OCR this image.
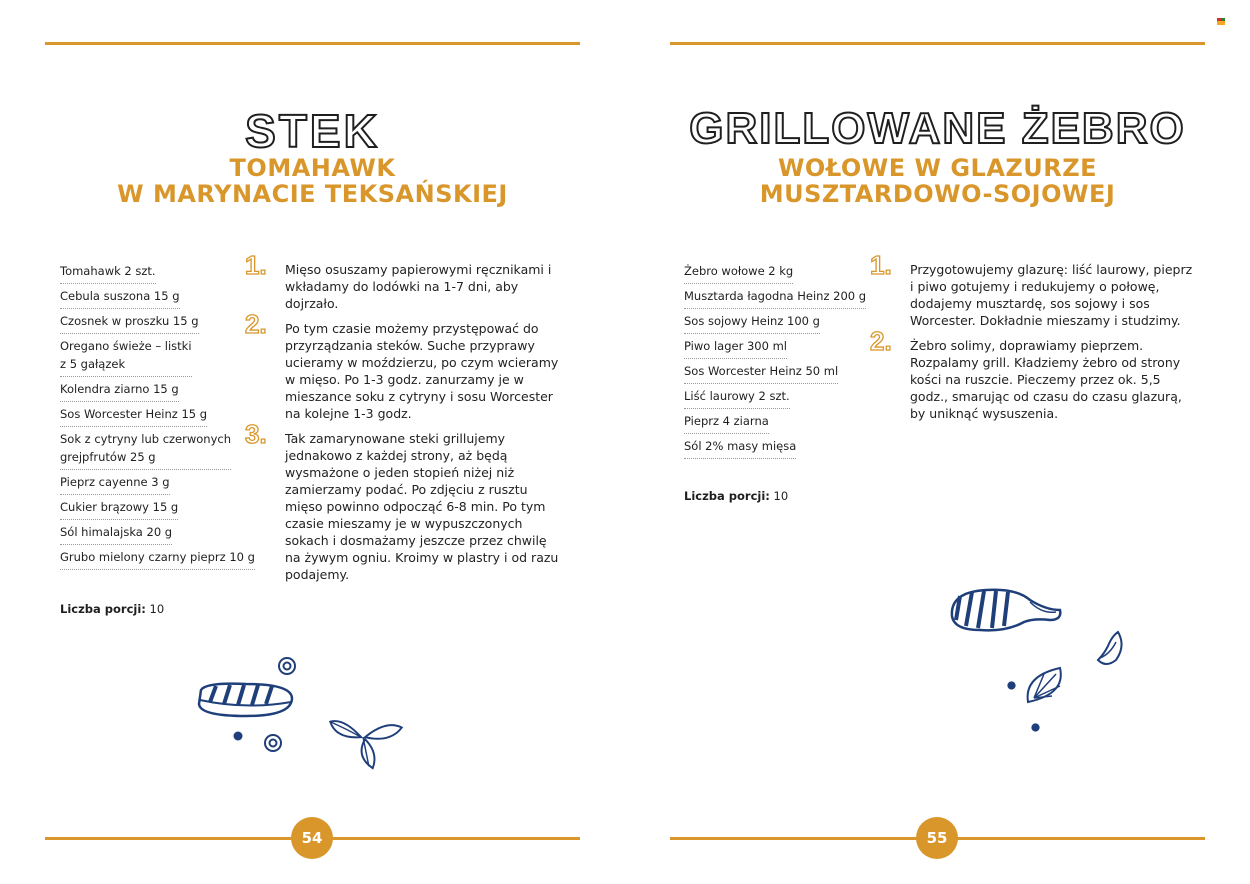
STEK
TOMAHAWK
W MARYNACIE TEKSAŃSKIEJ
Tomahawk 2 szt.
Cebula suszona 15 g
Czosnek w proszku 15 g
Oregano świeże – listki
z 5 gałązek
Kolendra ziarno 15 g
Sos Worcester Heinz 15 g
Sok z cytryny lub czerwonych
grejpfrutów 25 g
Pieprz cayenne 3 g
Cukier brązowy 15 g
Sól himalajska 20 g
Grubo mielony czarny pieprz 10 g
Liczba porcji: 10
1. Mięso osuszamy papierowymi ręcznikami i wkładamy do lodówki na 1-7 dni, aby dojrzało.
2. Po tym czasie możemy przystępować do przyrządzania steków. Suche przyprawy ucieramy w moździerzu, po czym wcieramy w mięso. Po 1-3 godz. zanurzamy je w mieszance soku z cytryny i sosu Worcester na kolejne 1-3 godz.
3. Tak zamarynowane steki grillujemy jednakowo z każdej strony, aż będą wysmażone o jeden stopień niżej niż zamierzamy podać. Po zdjęciu z rusztu mięso powinno odpocząć 6-8 min. Po tym czasie mieszamy je w wypuszczonych sokach i dosmażamy jeszcze przez chwilę na żywym ogniu. Kroimy w plastry i od razu podajemy.
GRILLOWANE ŻEBRO
WOŁOWE W GLAZURZE
MUSZTARDOWO-SOJOWEJ
Żebro wołowe 2 kg
Musztarda łagodna Heinz 200 g
Sos sojowy Heinz 100 g
Piwo lager 300 ml
Sos Worcester Heinz 50 ml
Liść laurowy 2 szt.
Pieprz 4 ziarna
Sól 2% masy mięsa
Liczba porcji: 10
1. Przygotowujemy glazurę: liść laurowy, pieprz i piwo gotujemy i redukujemy o połowę, dodajemy musztardę, sos sojowy i sos Worcester. Dokładnie mieszamy i studzimy.
2. Żebro solimy, doprawiamy pieprzem. Rozpalamy grill. Kładziemy żebro od strony kości na ruszcie. Pieczemy przez ok. 5,5 godz., smarując od czasu do czasu glazurą, by uniknąć wysuszenia.
54	55
